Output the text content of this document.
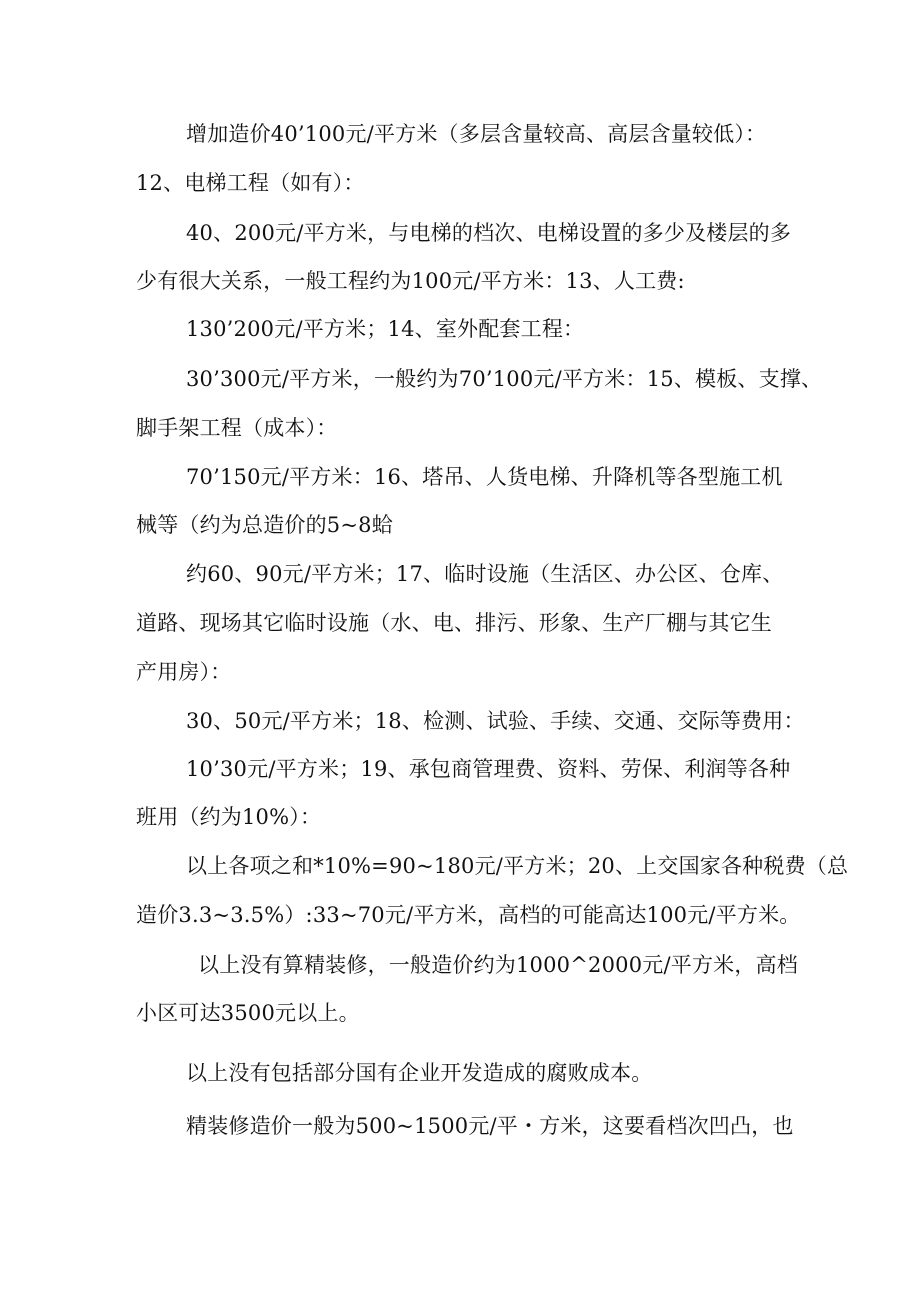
增加造价40’100元/平方米（多层含量较高、高层含量较低）：
12、电梯工程（如有）：
40、200元/平方米，与电梯的档次、电梯设置的多少及楼层的多
少有很大关系，一般工程约为100元/平方米：13、人工费:
130’200元/平方米；14、室外配套工程：
30’300元/平方米，一般约为70’100元/平方米：15、模板、支撑、
脚手架工程（成本）：
70’150元/平方米：16、塔吊、人货电梯、升降机等各型施工机
械等（约为总造价的5~8蛤
约60、90元/平方米；17、临时设施（生活区、办公区、仓库、
道路、现场其它临时设施（水、电、排污、形象、生产厂棚与其它生
产用房）：
30、50元/平方米；18、检测、试验、手续、交通、交际等费用：
10’30元/平方米；19、承包商管理费、资料、劳保、利润等各种
班用（约为10%）：
以上各项之和*10%=90~180元/平方米；20、上交国家各种税费（总
造价3.3~3.5%）:33~70元/平方米，高档的可能高达100元/平方米。
以上没有算精装修，一般造价约为1000^2000元/平方米，高档
小区可达3500元以上。
以上没有包括部分国有企业开发造成的腐败成本。
精装修造价一般为500~1500元/平・方米，这要看档次凹凸，也
